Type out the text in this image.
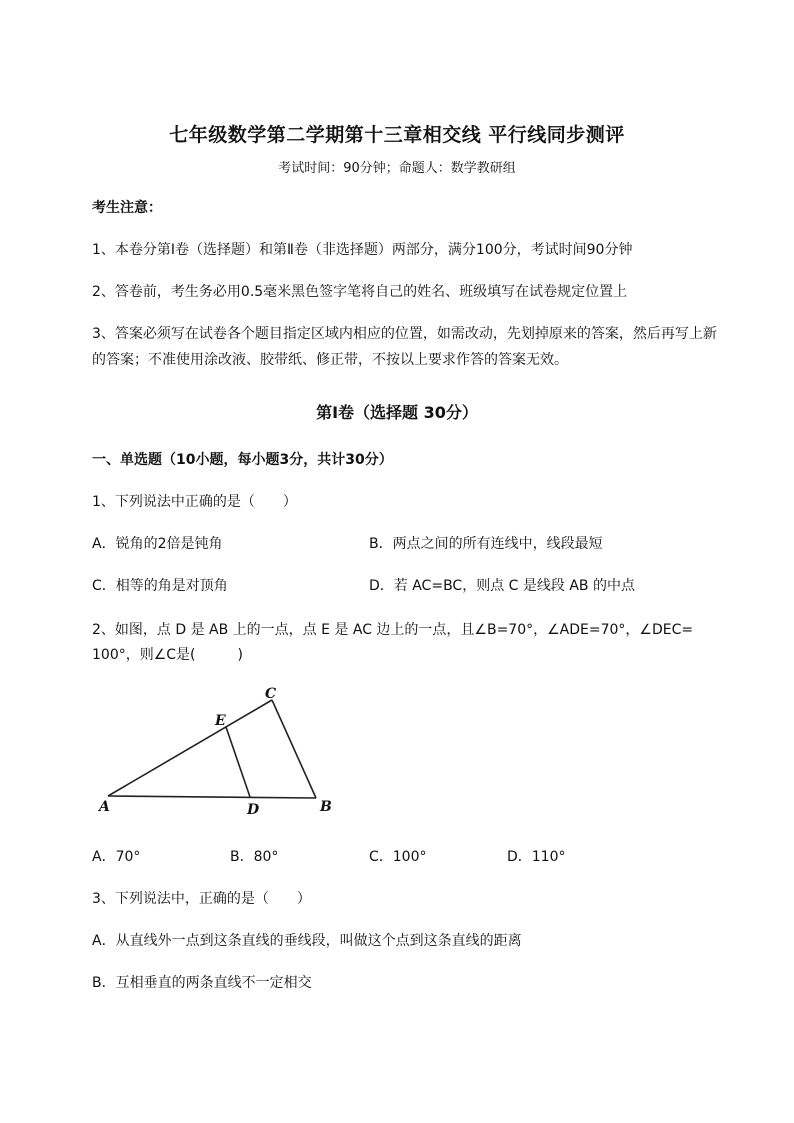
七年级数学第二学期第十三章相交线 平行线同步测评
考试时间：90分钟；命题人：数学教研组
考生注意：
1、本卷分第I卷（选择题）和第Ⅱ卷（非选择题）两部分，满分100分，考试时间90分钟
2、答卷前，考生务必用0.5毫米黑色签字笔将自己的姓名、班级填写在试卷规定位置上
3、答案必须写在试卷各个题目指定区域内相应的位置，如需改动，先划掉原来的答案，然后再写上新
的答案；不准使用涂改液、胶带纸、修正带，不按以上要求作答的答案无效。
第I卷（选择题 30分）
一、单选题（10小题，每小题3分，共计30分）
1、下列说法中正确的是（　　）
A．锐角的2倍是钝角	B．两点之间的所有连线中，线段最短
C．相等的角是对顶角	D．若 AC=BC，则点 C 是线段 AB 的中点
2、如图，点 D 是 AB 上的一点，点 E 是 AC 边上的一点，且∠B=70°，∠ADE=70°，∠DEC=
100°，则∠C是(　　　)
A	B
C
D
E
A．70°	B．80°	C．100°	D．110°
3、下列说法中，正确的是（　　）
A．从直线外一点到这条直线的垂线段，叫做这个点到这条直线的距离
B．互相垂直的两条直线不一定相交
